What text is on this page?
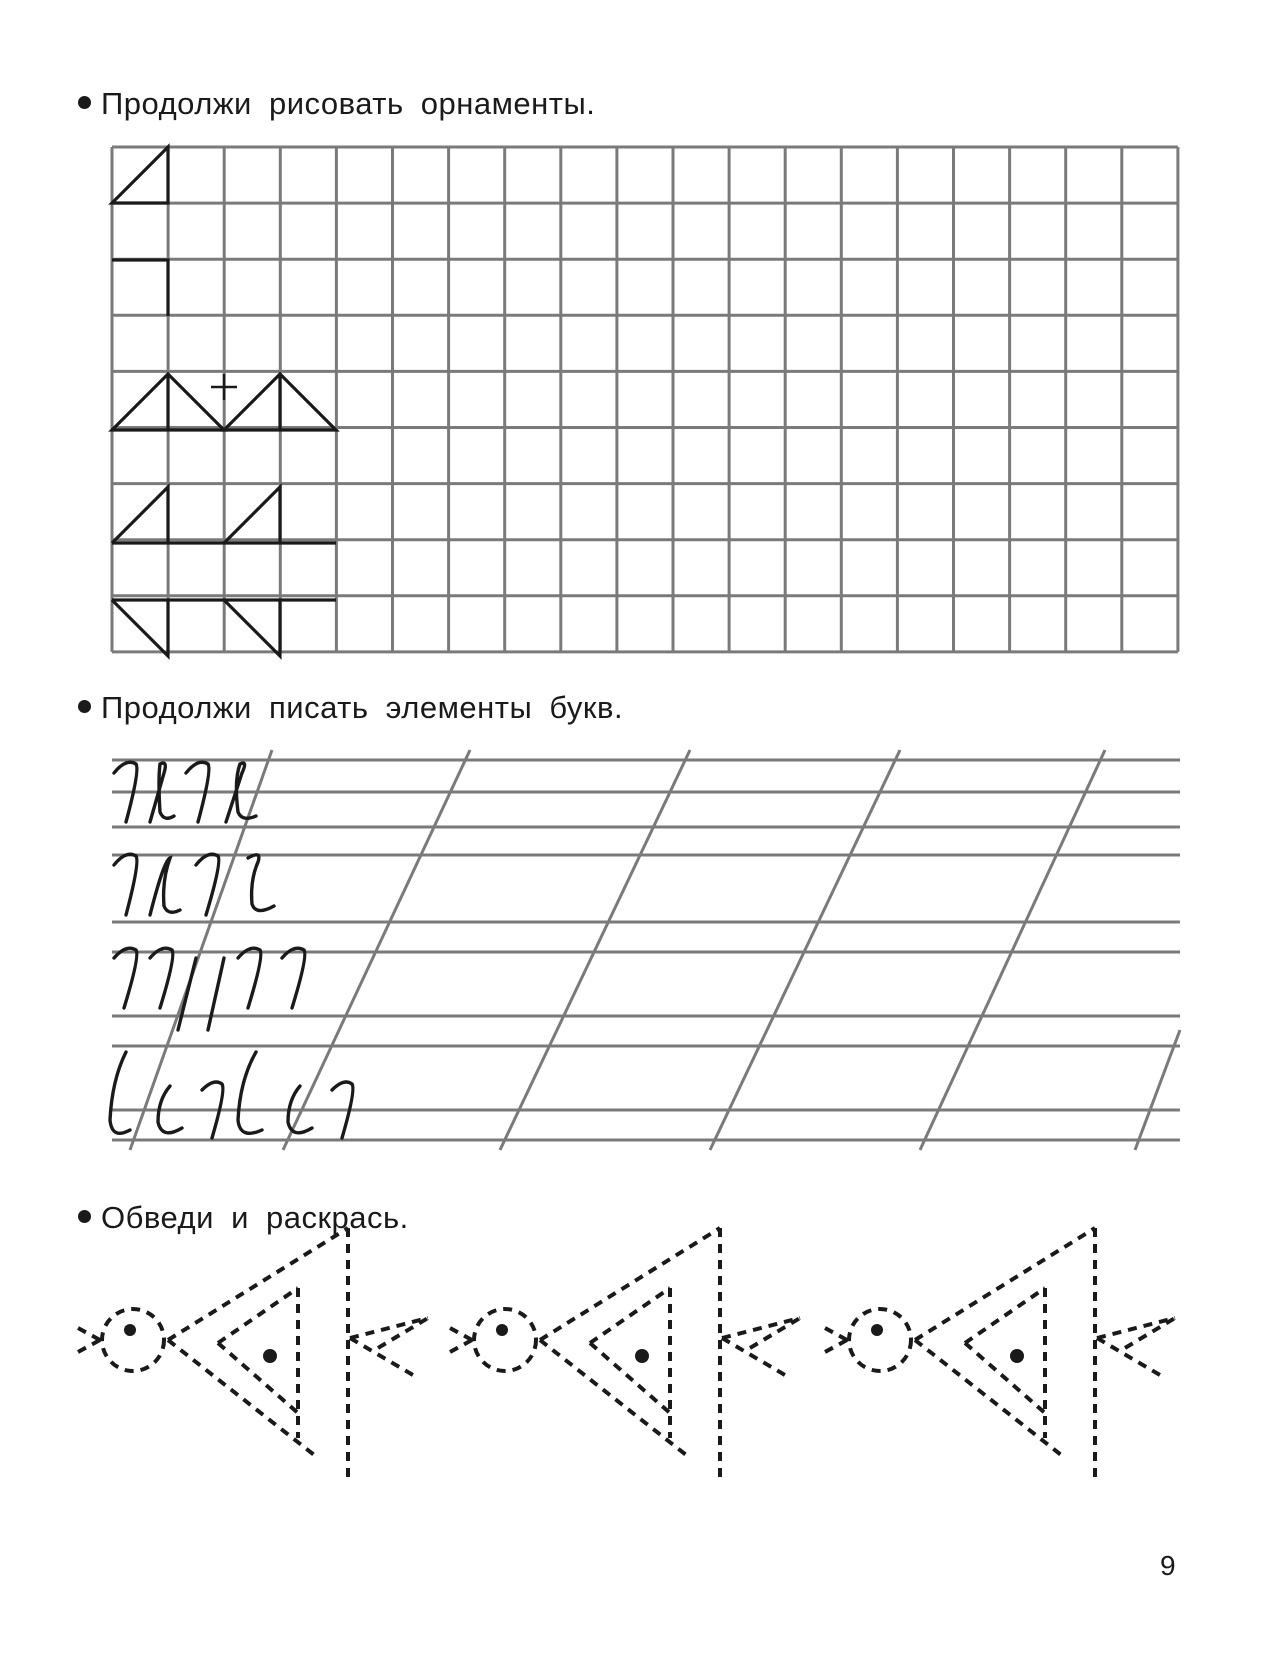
Продолжи рисовать орнаменты.
Продолжи писать элементы букв.
Обведи и раскрась.
9
